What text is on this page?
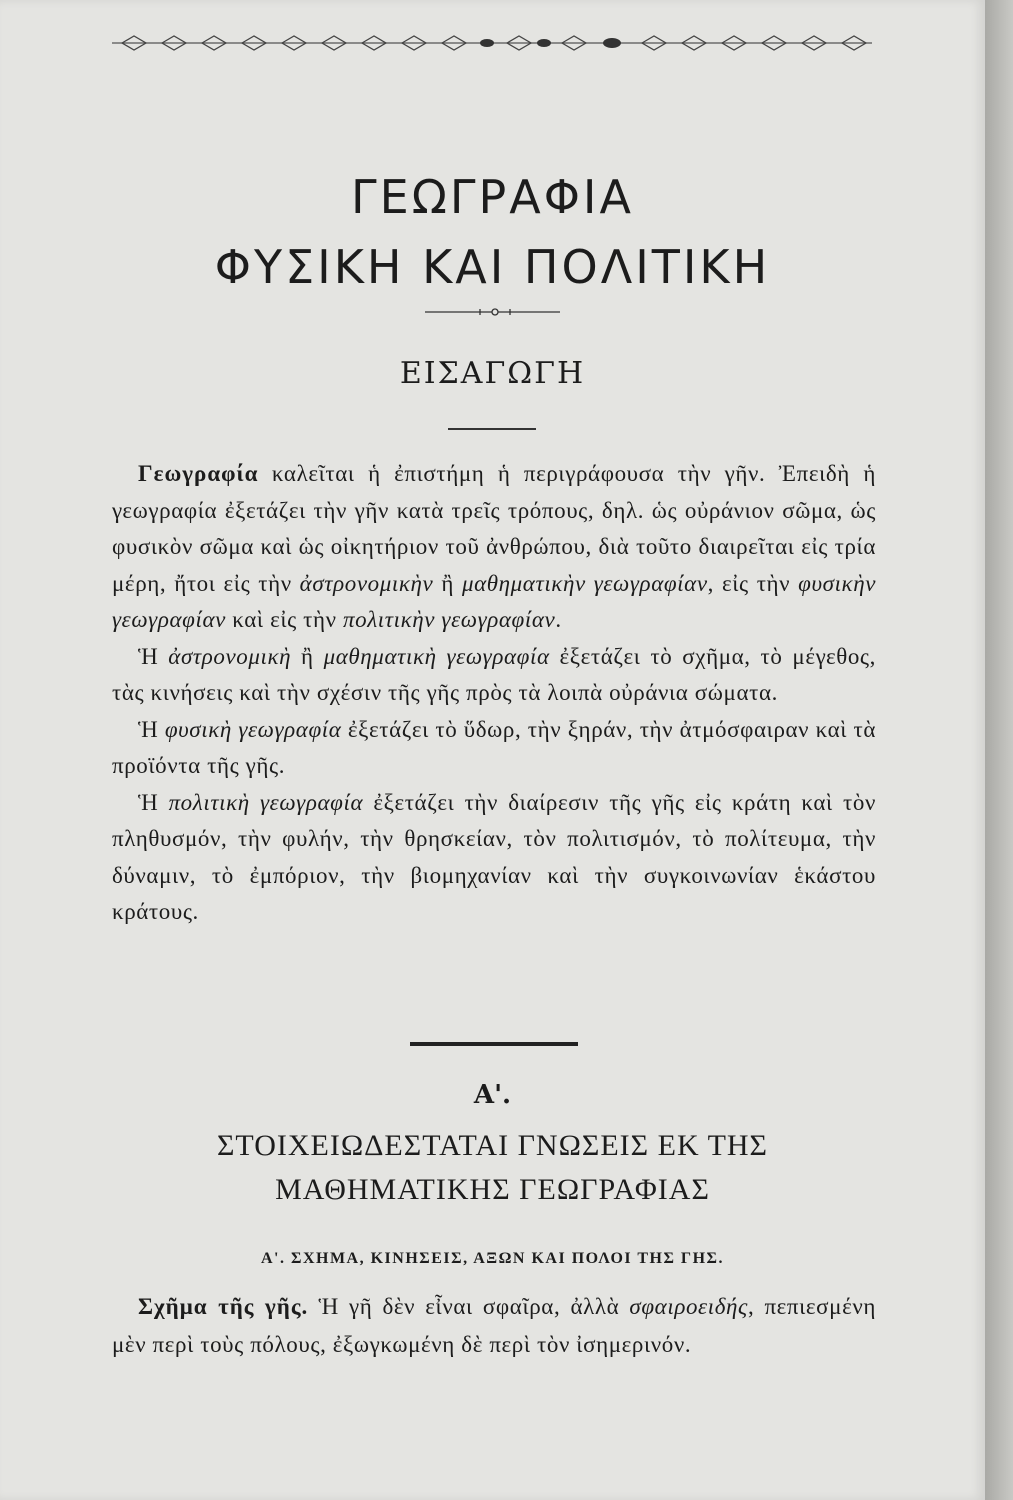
ΓΕΩΓΡΑΦΙΑ
ΦΥΣΙΚΗ ΚΑΙ ΠΟΛΙΤΙΚΗ
ΕΙΣΑΓΩΓΗ

Γεωγραφία καλεῖται ἡ ἐπιστήμη ἡ περιγράφουσα τὴν γῆν. Ἐπειδὴ ἡ γεωγραφία ἐξετάζει τὴν γῆν κατὰ τρεῖς τρόπους, δηλ. ὡς οὐράνιον σῶμα, ὡς φυσικὸν σῶμα καὶ ὡς οἰκητήριον τοῦ ἀνθρώπου, διὰ τοῦτο διαιρεῖται εἰς τρία μέρη, ἤτοι εἰς τὴν ἀστρονομικὴν ἢ μαθηματικὴν γεωγραφίαν, εἰς τὴν φυσικὴν γεωγραφίαν καὶ εἰς τὴν πολιτικὴν γεωγραφίαν.

Ἡ ἀστρονομικὴ ἢ μαθηματικὴ γεωγραφία ἐξετάζει τὸ σχῆμα, τὸ μέγεθος, τὰς κινήσεις καὶ τὴν σχέσιν τῆς γῆς πρὸς τὰ λοιπὰ οὐράνια σώματα.

Ἡ φυσικὴ γεωγραφία ἐξετάζει τὸ ὕδωρ, τὴν ξηράν, τὴν ἀτμόσφαιραν καὶ τὰ προϊόντα τῆς γῆς.

Ἡ πολιτικὴ γεωγραφία ἐξετάζει τὴν διαίρεσιν τῆς γῆς εἰς κράτη καὶ τὸν πληθυσμόν, τὴν φυλήν, τὴν θρησκείαν, τὸν πολιτισμόν, τὸ πολίτευμα, τὴν δύναμιν, τὸ ἐμπόριον, τὴν βιομηχανίαν καὶ τὴν συγκοινωνίαν ἑκάστου κράτους.

Α'.
ΣΤΟΙΧΕΙΩΔΕΣΤΑΤΑΙ ΓΝΩΣΕΙΣ ΕΚ ΤΗΣ
ΜΑΘΗΜΑΤΙΚΗΣ ΓΕΩΓΡΑΦΙΑΣ
Α'. ΣΧΗΜΑ, ΚΙΝΗΣΕΙΣ, ΑΞΩΝ ΚΑΙ ΠΟΛΟΙ ΤΗΣ ΓΗΣ.

Σχῆμα τῆς γῆς. Ἡ γῆ δὲν εἶναι σφαῖρα, ἀλλὰ σφαιροειδής, πεπιεσμένη μὲν περὶ τοὺς πόλους, ἐξωγκωμένη δὲ περὶ τὸν ἰσημερινόν.
